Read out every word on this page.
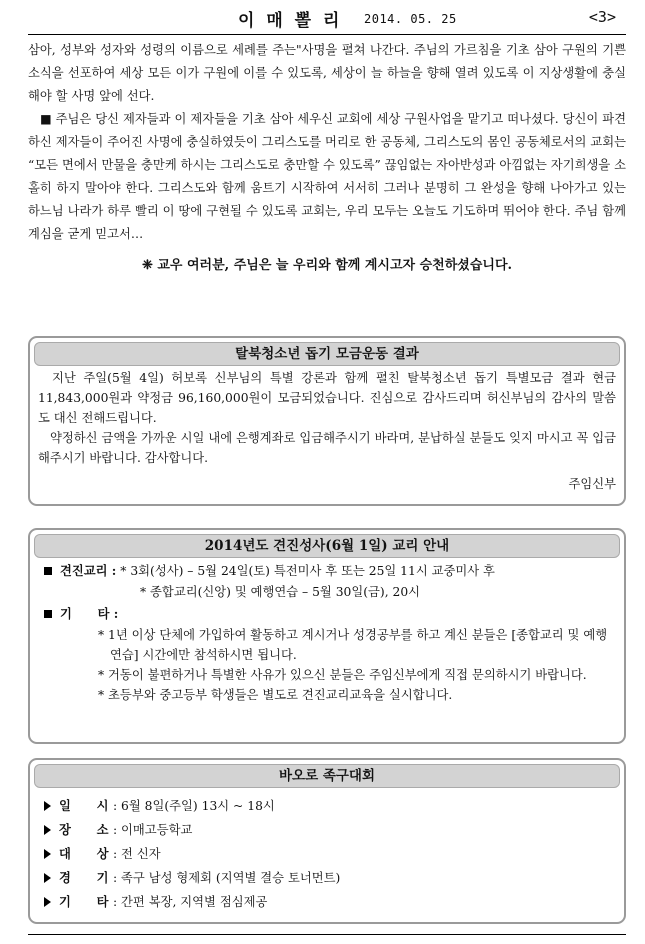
이 매 뽈 리 2014. 05. 25	<3>

삼아, 성부와 성자와 성령의 이름으로 세례를 주는"사명을 펼쳐 나간다. 주님의 가르침을 기초 삼아 구원의 기쁜 소식을 선포하여 세상 모든 이가 구원에 이를 수 있도록, 세상이 늘 하늘을 향해 열려 있도록 이 지상생활에 충실해야 할 사명 앞에 선다.

■ 주님은 당신 제자들과 이 제자들을 기초 삼아 세우신 교회에 세상 구원사업을 맡기고 떠나셨다. 당신이 파견하신 제자들이 주어진 사명에 충실하였듯이 그리스도를 머리로 한 공동체, 그리스도의 몸인 공동체로서의 교회는 “모든 면에서 만물을 충만케 하시는 그리스도로 충만할 수 있도록” 끊임없는 자아반성과 아낌없는 자기희생을 소홀히 하지 말아야 한다. 그리스도와 함께 움트기 시작하여 서서히 그러나 분명히 그 완성을 향해 나아가고 있는 하느님 나라가 하루 빨리 이 땅에 구현될 수 있도록 교회는, 우리 모두는 오늘도 기도하며 뛰어야 한다. 주님 함께 계심을 굳게 믿고서…

❈ 교우 여러분, 주님은 늘 우리와 함께 계시고자 승천하셨습니다.
탈북청소년 돕기 모금운동 결과

지난 주일(5월 4일) 허보록 신부님의 특별 강론과 함께 펼친 탈북청소년 돕기 특별모금 결과 현금 11,843,000원과 약정금 96,160,000원이 모금되었습니다. 진심으로 감사드리며 허신부님의 감사의 말씀도 대신 전해드립니다.

약정하신 금액을 가까운 시일 내에 은행계좌로 입금해주시기 바라며, 분납하실 분들도 잊지 마시고 꼭 입금해주시기 바랍니다. 감사합니다.

주임신부
2014년도 견진성사(6월 1일) 교리 안내
견진교리 : * 3회(성사) – 5월 24일(토) 특전미사 후 또는 25일 11시 교중미사 후
* 종합교리(신앙) 및 예행연습 – 5월 30일(금), 20시
기      타 :
* 1년 이상 단체에 가입하여 활동하고 계시거나 성경공부를 하고 계신 분들은 [종합교리 및 예행연습] 시간에만 참석하시면 됩니다.
* 거동이 불편하거나 특별한 사유가 있으신 분들은 주임신부에게 직접 문의하시기 바랍니다.
* 초등부와 중고등부 학생들은 별도로 견진교리교육을 실시합니다.
바오로 족구대회
일      시 : 6월 8일(주일) 13시 ~ 18시
장      소 : 이매고등학교
대      상 : 전 신자
경      기 : 족구 남성 형제회 (지역별 결승 토너먼트)
기      타 : 간편 복장, 지역별 점심제공
